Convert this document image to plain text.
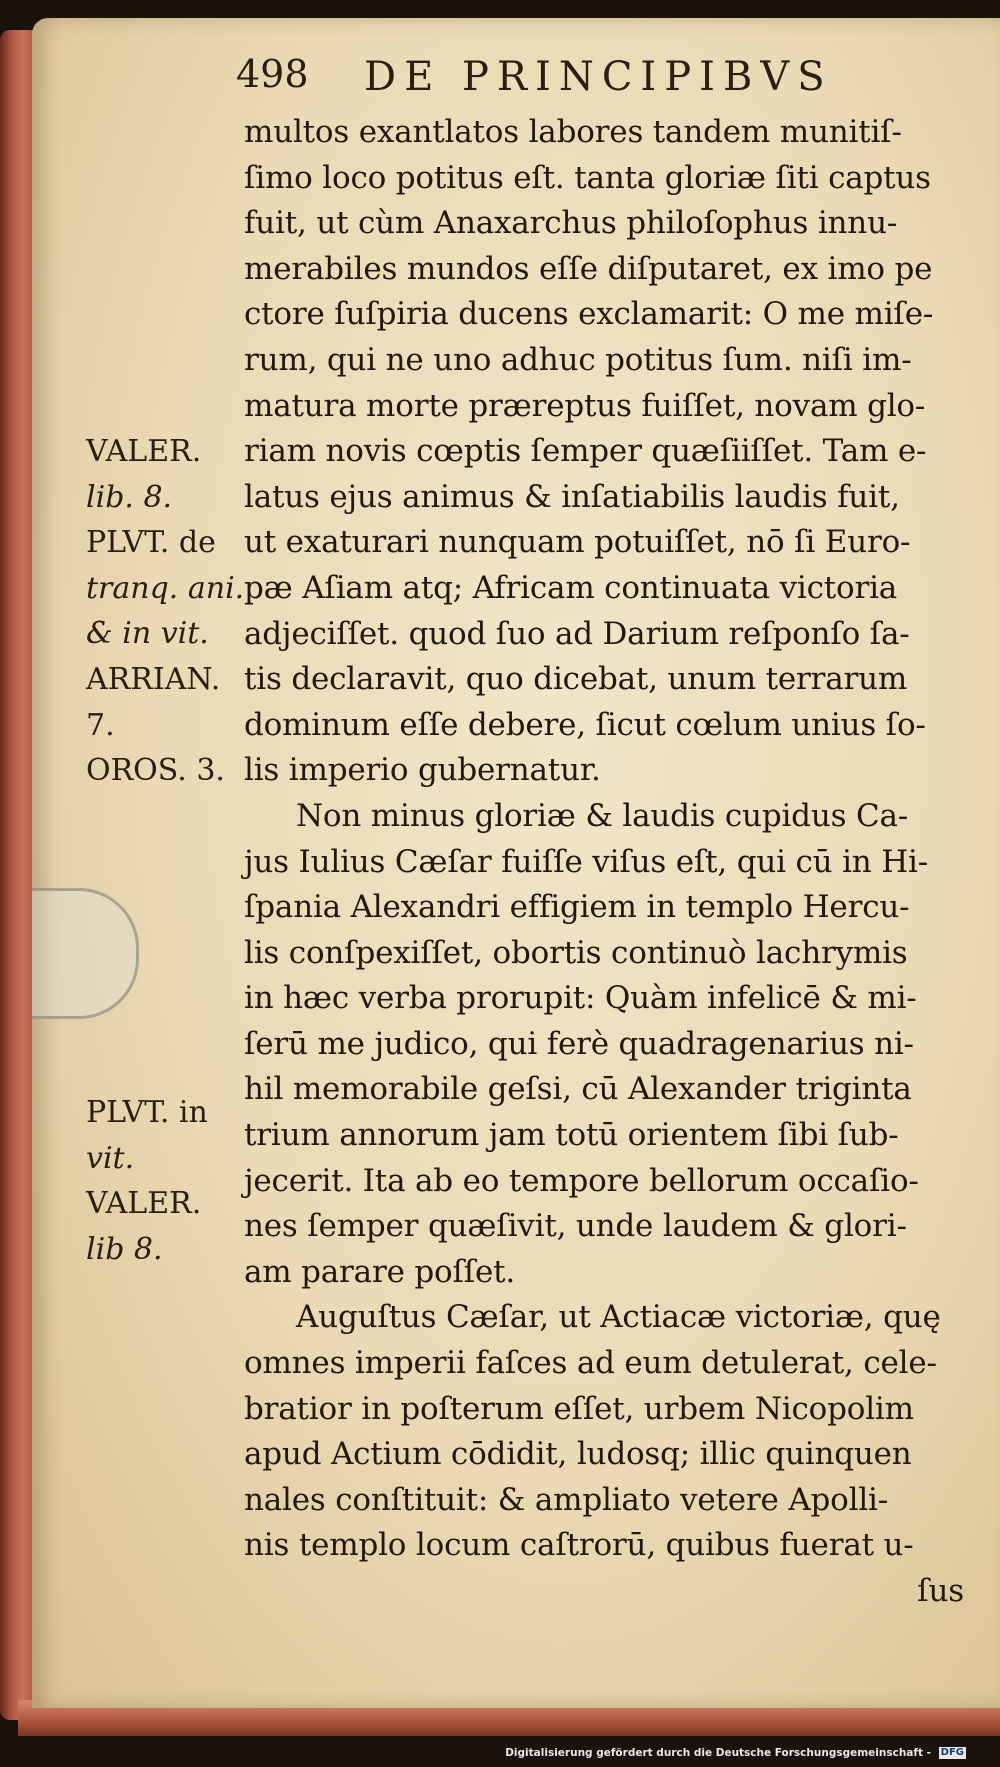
498 DE PRINCIPIBVS
multos exantlatos labores tandem munitiſ-
ſimo loco potitus eſt. tanta gloriæ ſiti captus
fuit, ut cùm Anaxarchus philoſophus innu-
merabiles mundos eſſe diſputaret, ex imo pe
ctore ſuſpiria ducens exclamarit: O me miſe-
rum, qui ne uno adhuc potitus ſum. niſi im-
matura morte præreptus fuiſſet, novam glo-
riam novis cœptis ſemper quæſiiſſet. Tam e-
latus ejus animus & inſatiabilis laudis fuit,
ut exaturari nunquam potuiſſet, nō ſi Euro-
pæ Aſiam atq; Africam continuata victoria
adjeciſſet. quod ſuo ad Darium reſponſo ſa-
tis declaravit, quo dicebat, unum terrarum
dominum eſſe debere, ſicut cœlum unius ſo-
lis imperio gubernatur.
Non minus gloriæ & laudis cupidus Ca-
jus Iulius Cæſar fuiſſe viſus eſt, qui cū in Hi-
ſpania Alexandri effigiem in templo Hercu-
lis conſpexiſſet, obortis continuò lachrymis
in hæc verba prorupit: Quàm infelicē & mi-
ſerū me judico, qui ferè quadragenarius ni-
hil memorabile geſsi, cū Alexander triginta
trium annorum jam totū orientem ſibi ſub-
jecerit. Ita ab eo tempore bellorum occaſio-
nes ſemper quæſivit, unde laudem & glori-
am parare poſſet.
Auguſtus Cæſar, ut Actiacæ victoriæ, quę
omnes imperii faſces ad eum detulerat, cele-
bratior in poſterum eſſet, urbem Nicopolim
apud Actium cōdidit, ludosq; illic quinquen
nales conſtituit: & ampliato vetere Apolli-
nis templo locum caſtrorū, quibus fuerat u-
ſus
VALER.
lib. 8.
PLVT. de
tranq. ani.
& in vit.
ARRIAN.
7.
OROS. 3.
PLVT. in
vit.
VALER.
lib 8.
Digitalisierung gefördert durch die Deutsche Forschungsgemeinschaft - DFG
